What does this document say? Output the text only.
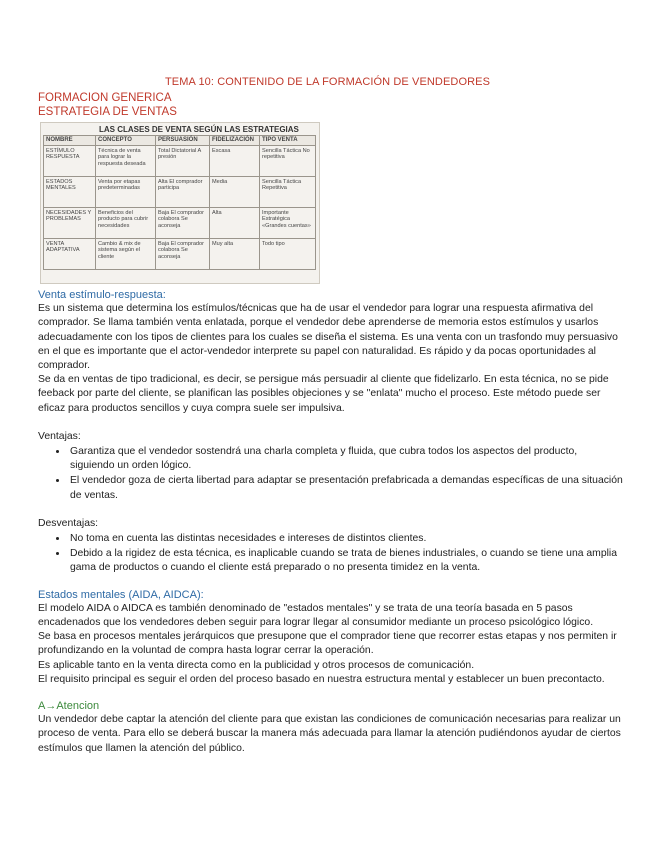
TEMA 10: CONTENIDO DE LA FORMACIÓN DE VENDEDORES
FORMACION GENERICA
ESTRATEGIA DE VENTAS
LAS CLASES DE VENTA SEGÚN LAS ESTRATEGIAS
NOMBRE	CONCEPTO	PERSUASIÓN	FIDELIZACIÓN	TIPO VENTA
ESTÍMULO RESPUESTA	Técnica de venta para lograr la respuesta deseada	Total Dictatorial A presión	Escasa	Sencilla Táctica No repetitiva
ESTADOS MENTALES	Venta por etapas predeterminadas	Alta El comprador participa	Media	Sencilla Táctica Repetitiva
NECESIDADES Y PROBLEMAS	Beneficios del producto para cubrir necesidades	Baja El comprador colabora Se aconseja	Alta	Importante Estratégica «Grandes cuentas»
VENTA ADAPTATIVA	Cambio & mix de sistema según el cliente	Baja El comprador colabora Se aconseja	Muy alta	Todo tipo
Venta estímulo-respuesta:

Es un sistema que determina los estímulos/técnicas que ha de usar el vendedor para lograr una respuesta afirmativa del comprador. Se llama también venta enlatada, porque el vendedor debe aprenderse de memoria estos estímulos y usarlos adecuadamente con los tipos de clientes para los cuales se diseña el sistema. Es una venta con un trasfondo muy persuasivo en el que es importante que el actor-vendedor interprete su papel con naturalidad. Es rápido y da pocas oportunidades al comprador.

Se da en ventas de tipo tradicional, es decir, se persigue más persuadir al cliente que fidelizarlo. En esta técnica, no se pide feeback por parte del cliente, se planifican las posibles objeciones y se "enlata" mucho el proceso. Este método puede ser eficaz para productos sencillos y cuya compra suele ser impulsiva.

Ventajas:
• Garantiza que el vendedor sostendrá una charla completa y fluida, que cubra todos los aspectos del producto, siguiendo un orden lógico.
• El vendedor goza de cierta libertad para adaptar se presentación prefabricada a demandas específicas de una situación de ventas.
Desventajas:
• No toma en cuenta las distintas necesidades e intereses de distintos clientes.
• Debido a la rigidez de esta técnica, es inaplicable cuando se trata de bienes industriales, o cuando se tiene una amplia gama de productos o cuando el cliente está preparado o no presenta timidez en la venta.
Estados mentales (AIDA, AIDCA):

El modelo AIDA o AIDCA es también denominado de "estados mentales" y se trata de una teoría basada en 5 pasos encadenados que los vendedores deben seguir para lograr llegar al consumidor mediante un proceso psicológico lógico.

Se basa en procesos mentales jerárquicos que presupone que el comprador tiene que recorrer estas etapas y nos permiten ir profundizando en la voluntad de compra hasta lograr cerrar la operación.

Es aplicable tanto en la venta directa como en la publicidad y otros procesos de comunicación.

El requisito principal es seguir el orden del proceso basado en nuestra estructura mental y establecer un buen precontacto.

A→Atencion

Un vendedor debe captar la atención del cliente para que existan las condiciones de comunicación necesarias para realizar un proceso de venta. Para ello se deberá buscar la manera más adecuada para llamar la atención pudiéndonos ayudar de ciertos estímulos que llamen la atención del público.
